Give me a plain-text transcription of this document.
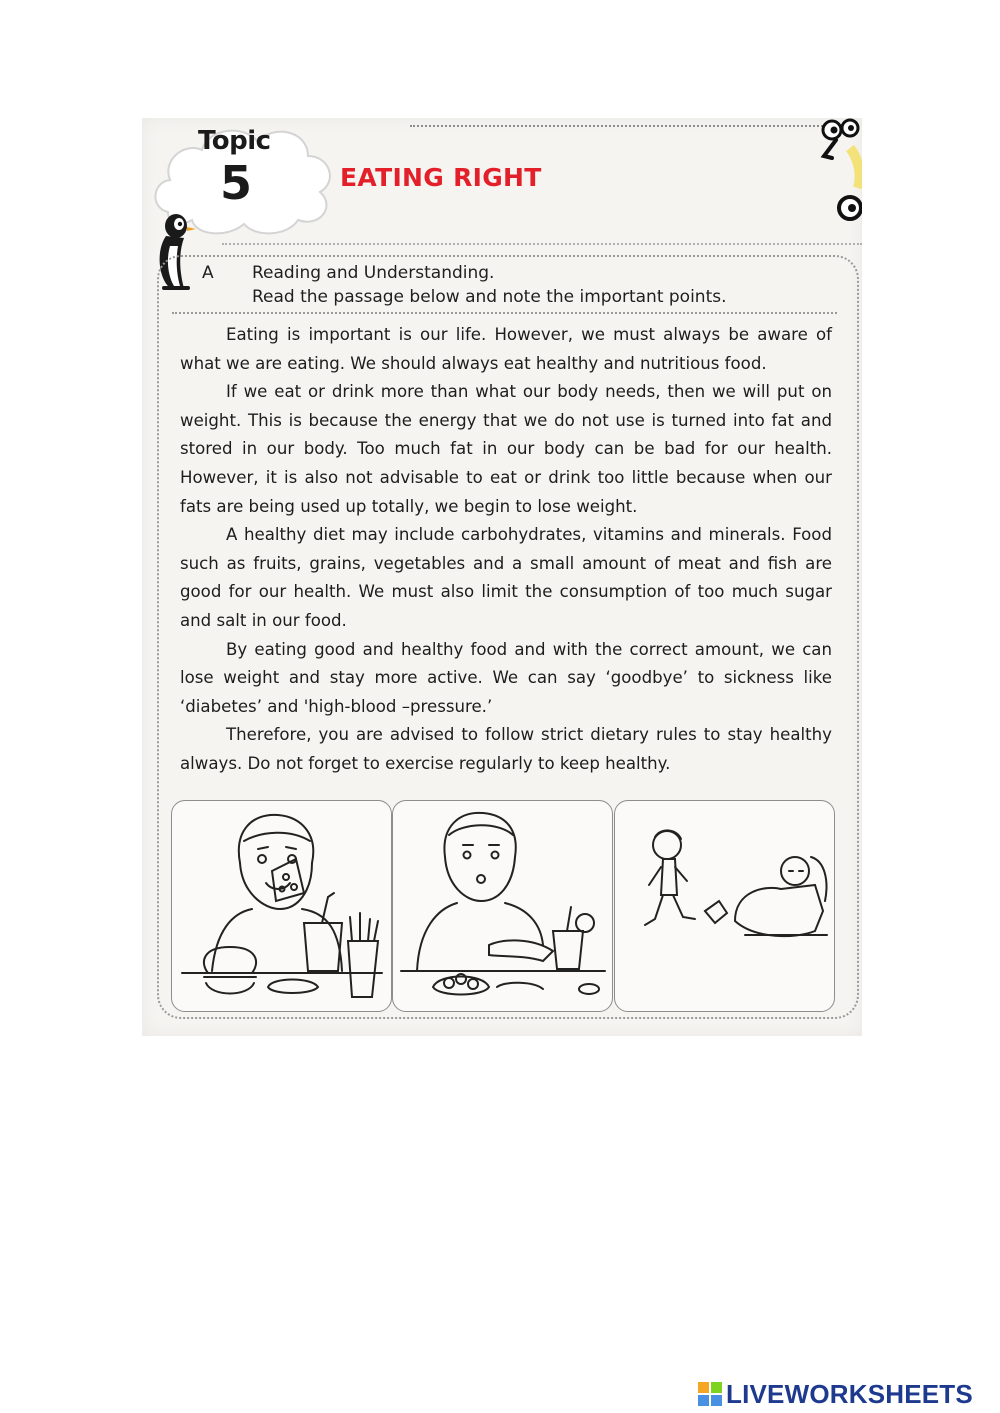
Topic
5	EATING RIGHT
A Reading and Understanding.
Read the passage below and note the important points.

Eating is important is our life. However, we must always be aware of what we are eating. We should always eat healthy and nutritious food.

If we eat or drink more than what our body needs, then we will put on weight. This is because the energy that we do not use is turned into fat and stored in our body. Too much fat in our body can be bad for our health. However, it is also not advisable to eat or drink too little because when our fats are being used up totally, we begin to lose weight.

A healthy diet may include carbohydrates, vitamins and minerals. Food such as fruits, grains, vegetables and a small amount of meat and fish are good for our health. We must also limit the consumption of too much sugar and salt in our food.

By eating good and healthy food and with the correct amount, we can lose weight and stay more active. We can say ‘goodbye’ to sickness like ‘diabetes’ and 'high-blood –pressure.’

Therefore, you are advised to follow strict dietary rules to stay healthy always. Do not forget to exercise regularly to keep healthy.

LIVEWORKSHEETS
